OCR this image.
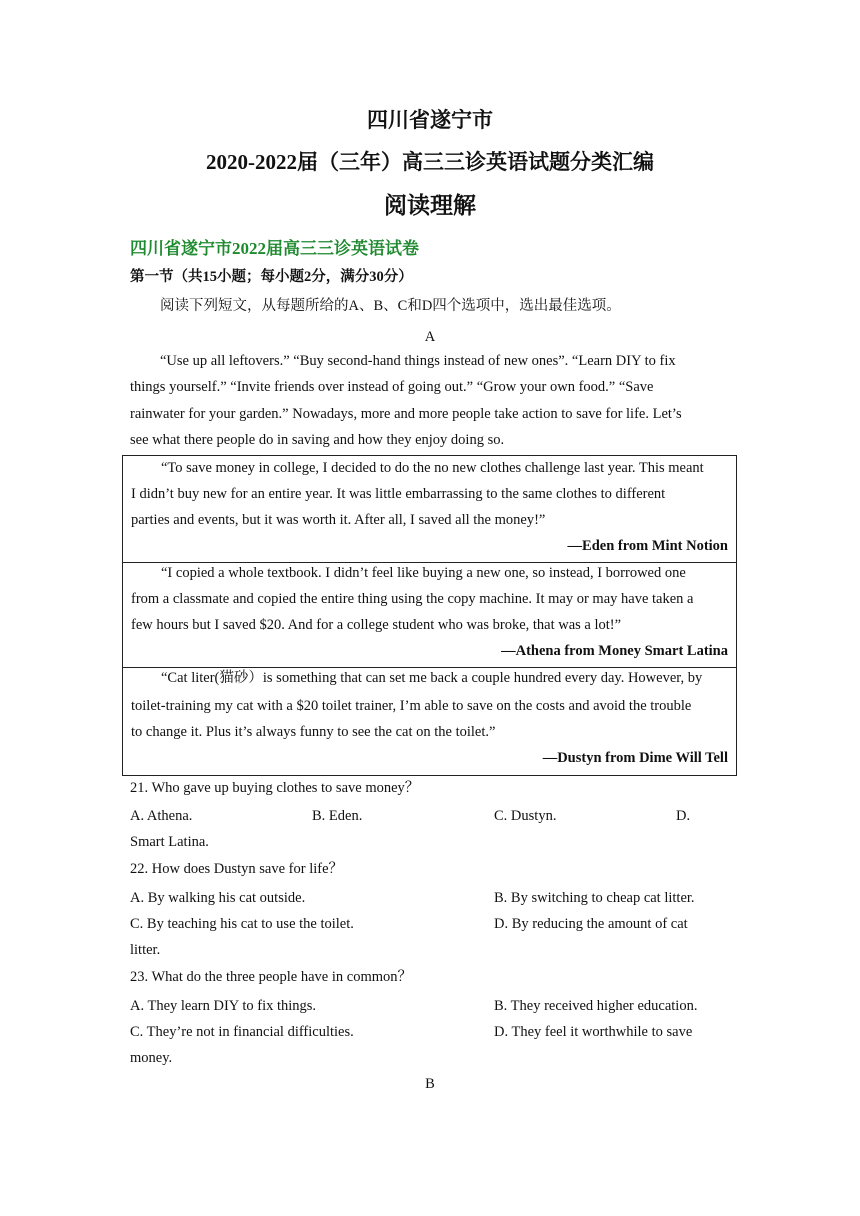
四川省遂宁市
2020-2022届（三年）高三三诊英语试题分类汇编
阅读理解
四川省遂宁市2022届高三三诊英语试卷
第一节（共15小题；每小题2分，满分30分）
阅读下列短文，从每题所给的A、B、C和D四个选项中，选出最佳选项。
A
“Use up all leftovers.” “Buy second-hand things instead of new ones”. “Learn DIY to fix
things yourself.” “Invite friends over instead of going out.” “Grow your own food.” “Save
rainwater for your garden.” Nowadays, more and more people take action to save for life. Let’s
see what there people do in saving and how they enjoy doing so.
“To save money in college, I decided to do the no new clothes challenge last year. This meant
I didn’t buy new for an entire year. It was little embarrassing to the same clothes to different
parties and events, but it was worth it. After all, I saved all the money!”
—Eden from Mint Notion
“I copied a whole textbook. I didn’t feel like buying a new one, so instead, I borrowed one
from a classmate and copied the entire thing using the copy machine. It may or may have taken a
few hours but I saved $20. And for a college student who was broke, that was a lot!”
—Athena from Money Smart Latina
“Cat liter(猫砂）is something that can set me back a couple hundred every day. However, by
toilet-training my cat with a $20 toilet trainer, I’m able to save on the costs and avoid the trouble
to change it. Plus it’s always funny to see the cat on the toilet.”
—Dustyn from Dime Will Tell
21. Who gave up buying clothes to save money？
A. Athena.	B. Eden.	C. Dustyn.	D.
Smart Latina.
22. How does Dustyn save for life？
A. By walking his cat outside.	B. By switching to cheap cat litter.
C. By teaching his cat to use the toilet.	D. By reducing the amount of cat
litter.
23. What do the three people have in common？
A. They learn DIY to fix things.	B. They received higher education.
C. They’re not in financial difficulties.	D. They feel it worthwhile to save
money.
B
